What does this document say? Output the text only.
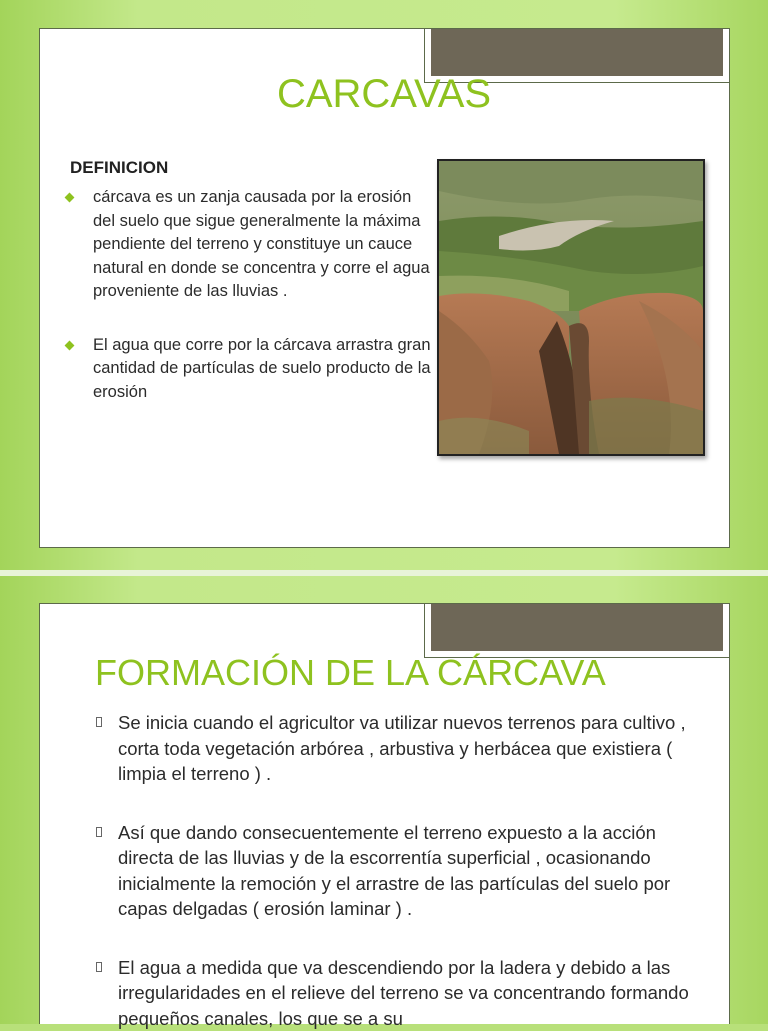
CARCAVAS
DEFINICION
cárcava es un zanja causada por la erosión del suelo que sigue generalmente la máxima pendiente del terreno y constituye un cauce natural en donde se concentra y corre el agua proveniente de las lluvias .
El agua que corre por la cárcava arrastra gran cantidad de partículas de suelo producto de la erosión
FORMACIÓN DE LA CÁRCAVA
Se inicia cuando el agricultor va utilizar nuevos terrenos para cultivo , corta toda vegetación arbórea , arbustiva y herbácea que existiera ( limpia el terreno ) .
Así que dando consecuentemente el terreno expuesto a la acción directa de las lluvias y de la escorrentía superficial , ocasionando inicialmente la remoción y el arrastre de las partículas del suelo por capas delgadas ( erosión laminar ) .
El agua a medida que va descendiendo por la ladera y debido a las irregularidades en el relieve del terreno se va concentrando formando pequeños canales, los que se a su
